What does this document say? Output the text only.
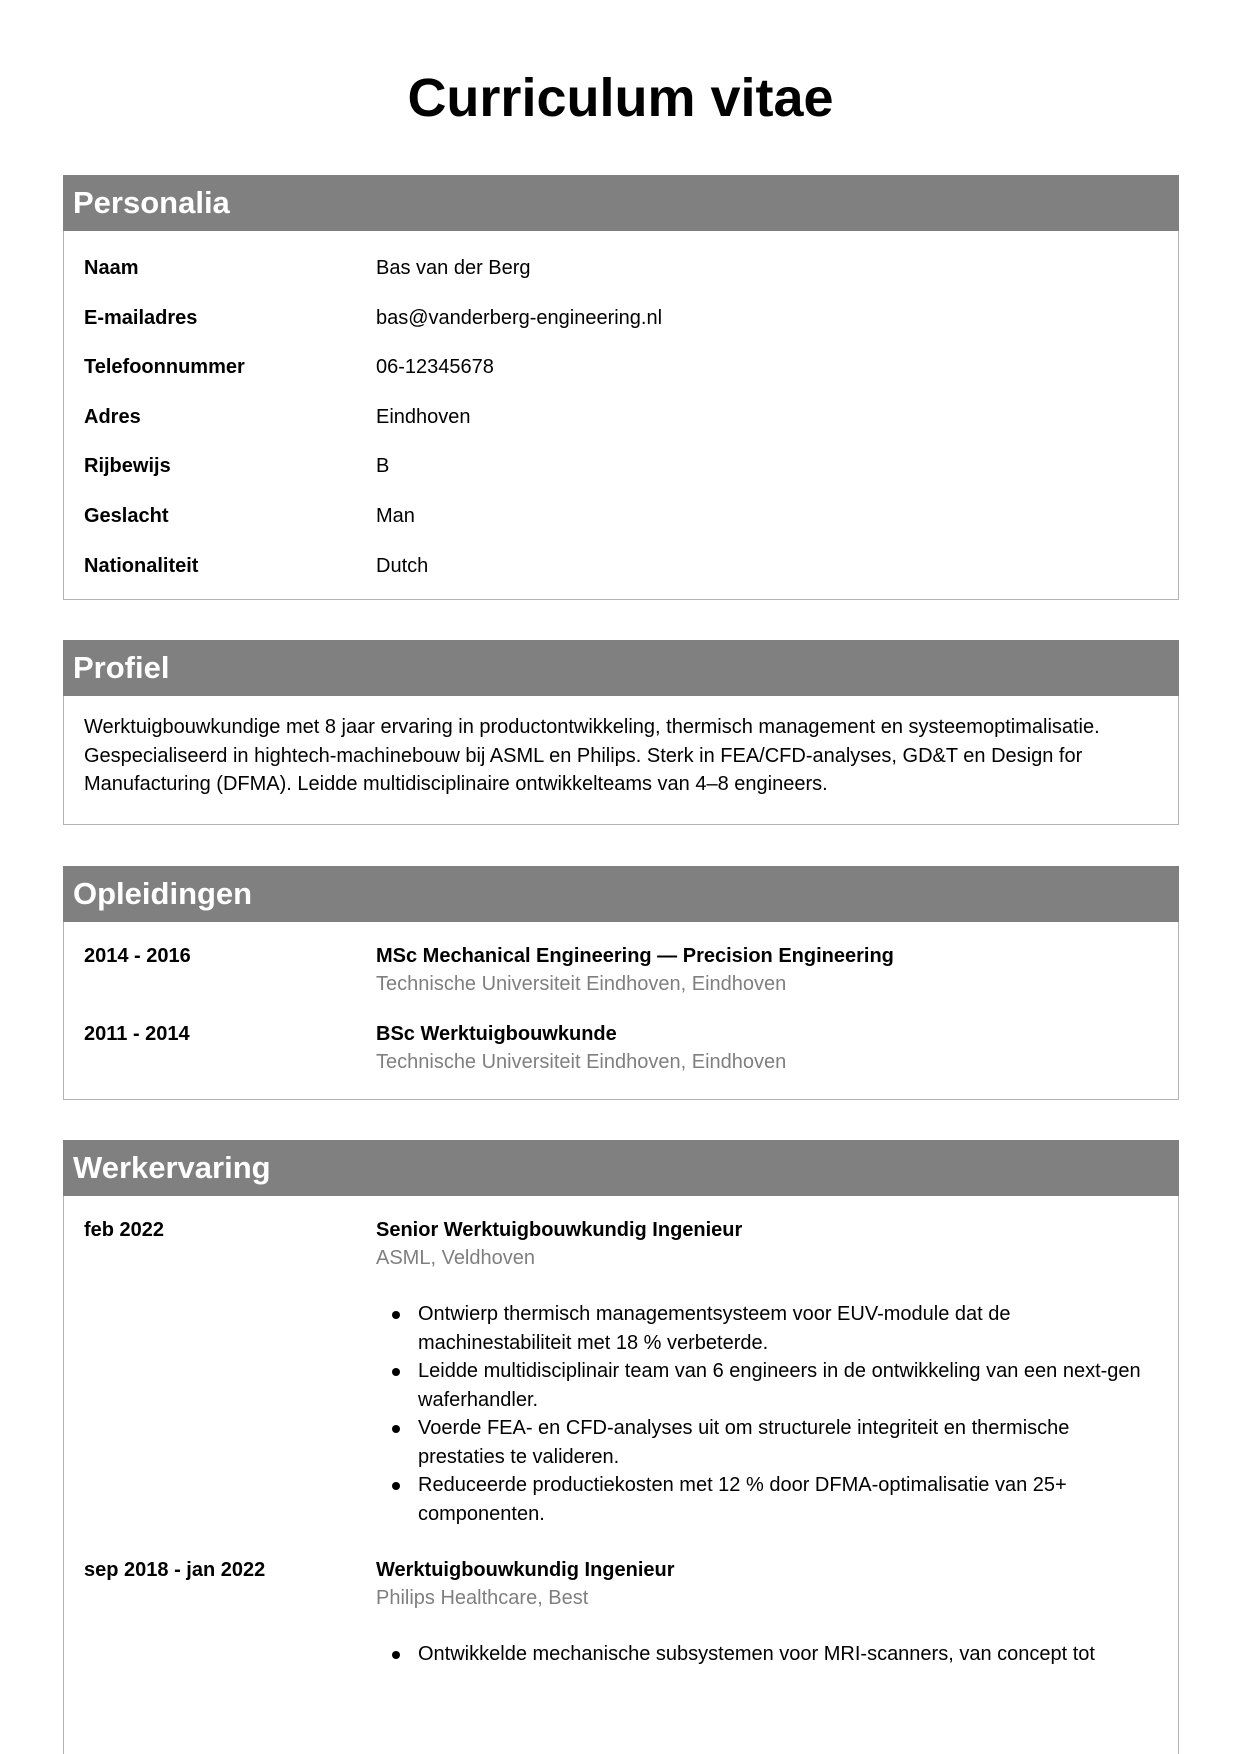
Curriculum vitae
Personalia
Naam	Bas van der Berg
E-mailadres	bas@vanderberg-engineering.nl
Telefoonnummer	06-12345678
Adres	Eindhoven
Rijbewijs	B
Geslacht	Man
Nationaliteit	Dutch
Profiel
Werktuigbouwkundige met 8 jaar ervaring in productontwikkeling, thermisch management en systeemoptimalisatie. Gespecialiseerd in hightech-machinebouw bij ASML en Philips. Sterk in FEA/CFD-analyses, GD&T en Design for Manufacturing (DFMA). Leidde multidisciplinaire ontwikkelteams van 4–8 engineers.
Opleidingen
2014 - 2016	MSc Mechanical Engineering — Precision Engineering
Technische Universiteit Eindhoven, Eindhoven
2011 - 2014	BSc Werktuigbouwkunde
Technische Universiteit Eindhoven, Eindhoven
Werkervaring
feb 2022	Senior Werktuigbouwkundig Ingenieur
ASML, Veldhoven
Ontwierp thermisch managementsysteem voor EUV-module dat de machinestabiliteit met 18 % verbeterde.
Leidde multidisciplinair team van 6 engineers in de ontwikkeling van een next-gen waferhandler.
Voerde FEA- en CFD-analyses uit om structurele integriteit en thermische prestaties te valideren.
Reduceerde productiekosten met 12 % door DFMA-optimalisatie van 25+ componenten.
sep 2018 - jan 2022	Werktuigbouwkundig Ingenieur
Philips Healthcare, Best
Ontwikkelde mechanische subsystemen voor MRI-scanners, van concept tot
